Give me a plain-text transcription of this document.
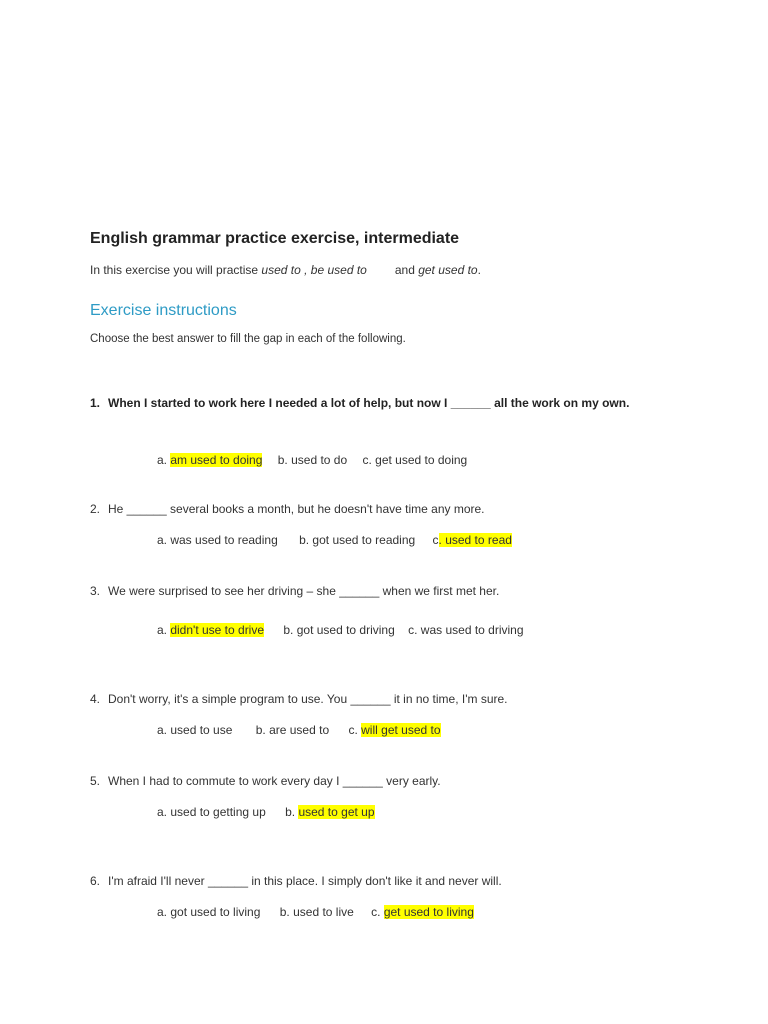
English grammar practice exercise, intermediate
In this exercise you will practise used to , be used to and get used to.
Exercise instructions
Choose the best answer to fill the gap in each of the following.
1. When I started to work here I needed a lot of help, but now I ______ all the work on my own.
a. am used to doing b. used to do c. get used to doing
2. He ______ several books a month, but he doesn't have time any more.
a. was used to reading b. got used to reading c. used to read
3. We were surprised to see her driving – she ______ when we first met her.
a. didn't use to drive b. got used to driving c. was used to driving
4. Don't worry, it's a simple program to use. You ______ it in no time, I'm sure.
a. used to use b. are used to c. will get used to
5. When I had to commute to work every day I ______ very early.
a. used to getting up b. used to get up
6. I'm afraid I'll never ______ in this place. I simply don't like it and never will.
a. got used to living b. used to live c. get used to living
